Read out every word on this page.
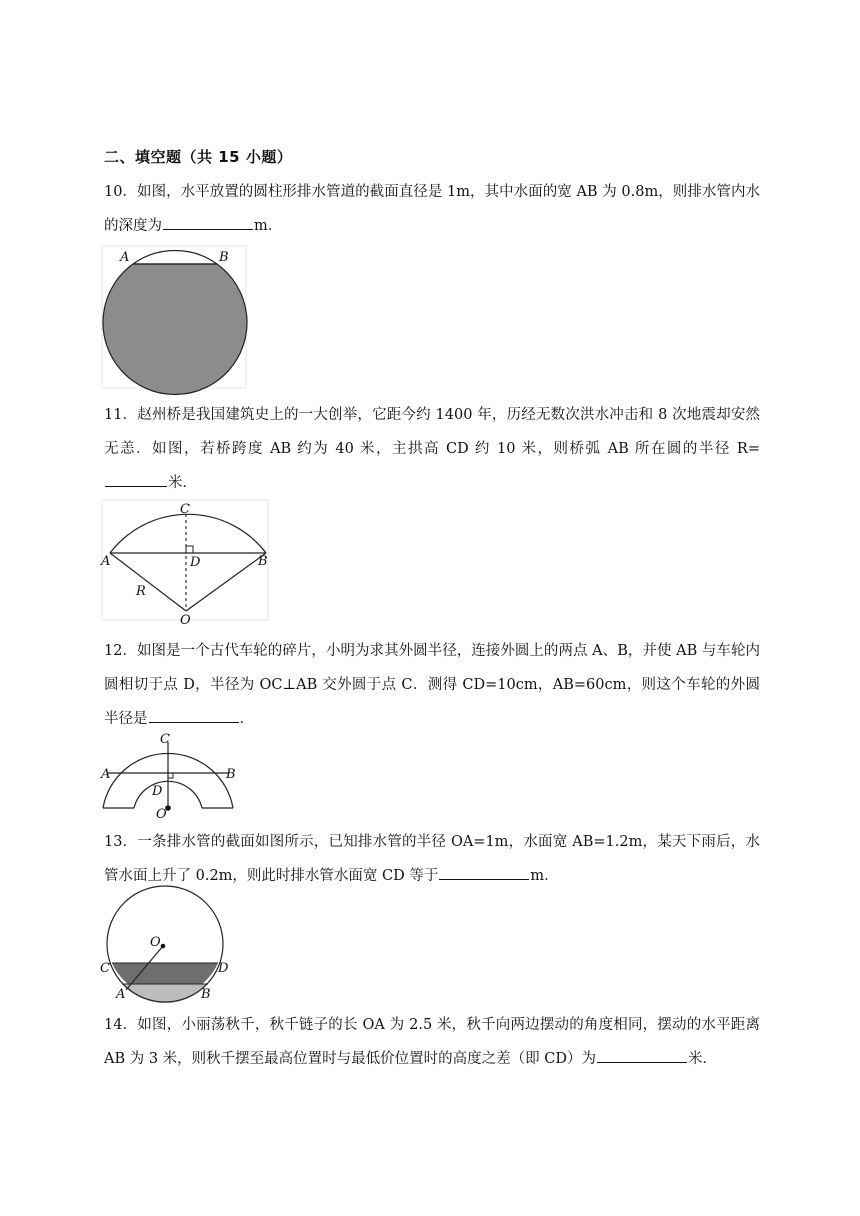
二、填空题（共 15 小题）
10．如图，水平放置的圆柱形排水管道的截面直径是 1m，其中水面的宽 AB 为 0.8m，则排水管内水的深度为	m．
A	B
11．赵州桥是我国建筑史上的一大创举，它距今约 1400 年，历经无数次洪水冲击和 8 次地震却安然无恙．如图，若桥跨度 AB 约为 40 米，主拱高 CD 约 10 米，则桥弧 AB 所在圆的半径 R=米．
C
A	D	B
R
O
12．如图是一个古代车轮的碎片，小明为求其外圆半径，连接外圆上的两点 A、B，并使 AB 与车轮内圆相切于点 D，半径为 OC⊥AB 交外圆于点 C．测得 CD=10cm，AB=60cm，则这个车轮的外圆半径是	．
C
A	B
D
O
13．一条排水管的截面如图所示，已知排水管的半径 OA=1m，水面宽 AB=1.2m，某天下雨后，水管水面上升了 0.2m，则此时排水管水面宽 CD 等于	m．
O
C	D
A	B
14．如图，小丽荡秋千，秋千链子的长 OA 为 2.5 米，秋千向两边摆动的角度相同，摆动的水平距离 AB 为 3 米，则秋千摆至最高位置时与最低价位置时的高度之差（即 CD）为	米．
